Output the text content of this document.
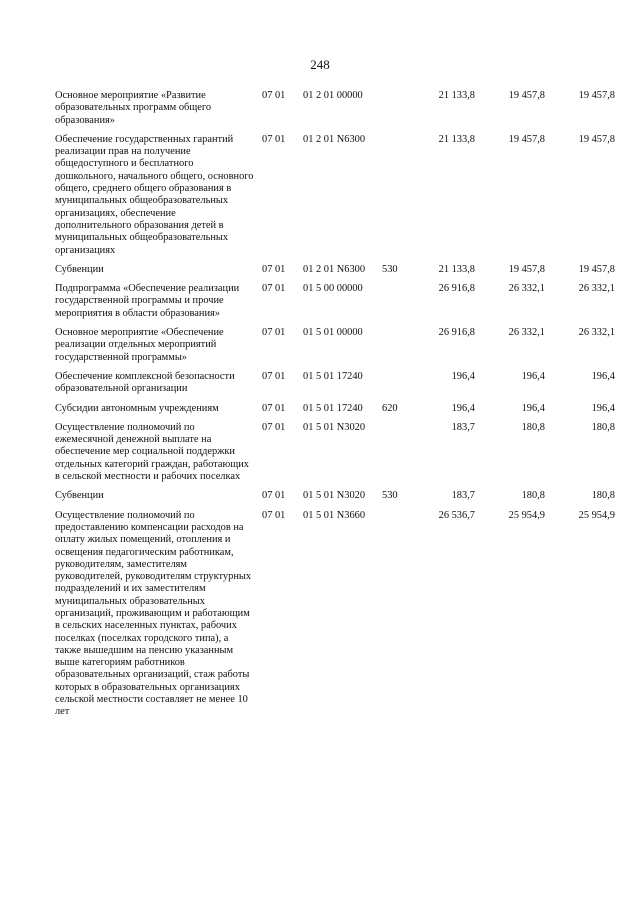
248
Основное мероприятие «Развитие образовательных программ общего образования»	07 01	01 2 01 00000		21 133,8	19 457,8	19 457,8
Обеспечение государственных гарантий реализации прав на получение общедоступного и бесплатного дошкольного, начального общего, основного общего, среднего общего образования в муниципальных общеобразовательных организациях, обеспечение дополнительного образования детей в муниципальных общеобразовательных организациях	07 01	01 2 01 N6300		21 133,8	19 457,8	19 457,8
Субвенции	07 01	01 2 01 N6300	530	21 133,8	19 457,8	19 457,8
Подпрограмма «Обеспечение реализации государственной программы и прочие мероприятия в области образования»	07 01	01 5 00 00000		26 916,8	26 332,1	26 332,1
Основное мероприятие «Обеспечение реализации отдельных мероприятий государственной программы»	07 01	01 5 01 00000		26 916,8	26 332,1	26 332,1
Обеспечение комплексной безопасности образовательной организации	07 01	01 5 01 17240		196,4	196,4	196,4
Субсидии автономным учреждениям	07 01	01 5 01 17240	620	196,4	196,4	196,4
Осуществление полномочий по ежемесячной денежной выплате на обеспечение мер социальной поддержки отдельных категорий граждан, работающих в сельской местности и рабочих поселках	07 01	01 5 01 N3020		183,7	180,8	180,8
Субвенции	07 01	01 5 01 N3020	530	183,7	180,8	180,8
Осуществление полномочий по предоставлению компенсации расходов на оплату жилых помещений, отопления и освещения педагогическим работникам, руководителям, заместителям руководителей, руководителям структурных подразделений и их заместителям муниципальных образовательных организаций, проживающим и работающим в сельских населенных пунктах, рабочих поселках (поселках городского типа), а также вышедшим на пенсию указанным выше категориям работников образовательных организаций, стаж работы которых в образовательных организациях сельской местности составляет не менее 10 лет	07 01	01 5 01 N3660		26 536,7	25 954,9	25 954,9
